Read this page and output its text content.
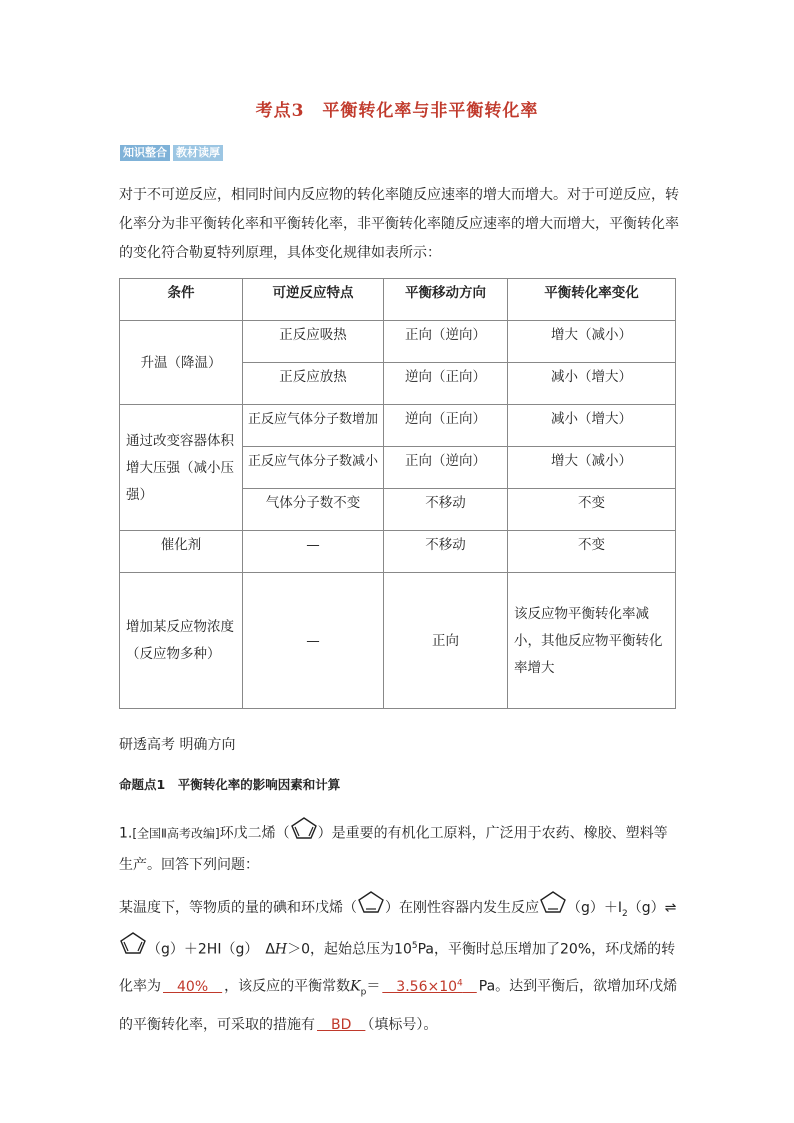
考点3　平衡转化率与非平衡转化率
知识整合 教材读厚
对于不可逆反应，相同时间内反应物的转化率随反应速率的增大而增大。对于可逆反应，转化率分为非平衡转化率和平衡转化率，非平衡转化率随反应速率的增大而增大，平衡转化率的变化符合勒夏特列原理，具体变化规律如表所示：
条件	可逆反应特点	平衡移动方向	平衡转化率变化
升温（降温）	正反应吸热	正向（逆向）	增大（减小）
	正反应放热	逆向（正向）	减小（增大）
通过改变容器体积增大压强（减小压强）	正反应气体分子数增加	逆向（正向）	减小（增大）
	正反应气体分子数减小	正向（逆向）	增大（减小）
	气体分子数不变	不移动	不变
催化剂	—	不移动	不变
增加某反应物浓度（反应物多种）	—	正向	该反应物平衡转化率减小，其他反应物平衡转化率增大
研透高考 明确方向
命题点1　平衡转化率的影响因素和计算
1.[全国Ⅱ高考改编]环戊二烯（ ）是重要的有机化工原料，广泛用于农药、橡胶、塑料等生产。回答下列问题：
某温度下，等物质的量的碘和环戊烯（ ）在刚性容器内发生反应 $(g)+I_2(g)\rightleftharpoons$
（g）＋2HI（g）　ΔH＞0，起始总压为$10^5Pa$，平衡时总压增加了20%，环戊烯的转化率为　40%　，该反应的平衡常数$K_p=$　$3.56\times 10^4$　 Pa。达到平衡后，欲增加环戊烯的平衡转化率，可采取的措施有　BD　（填标号）。
